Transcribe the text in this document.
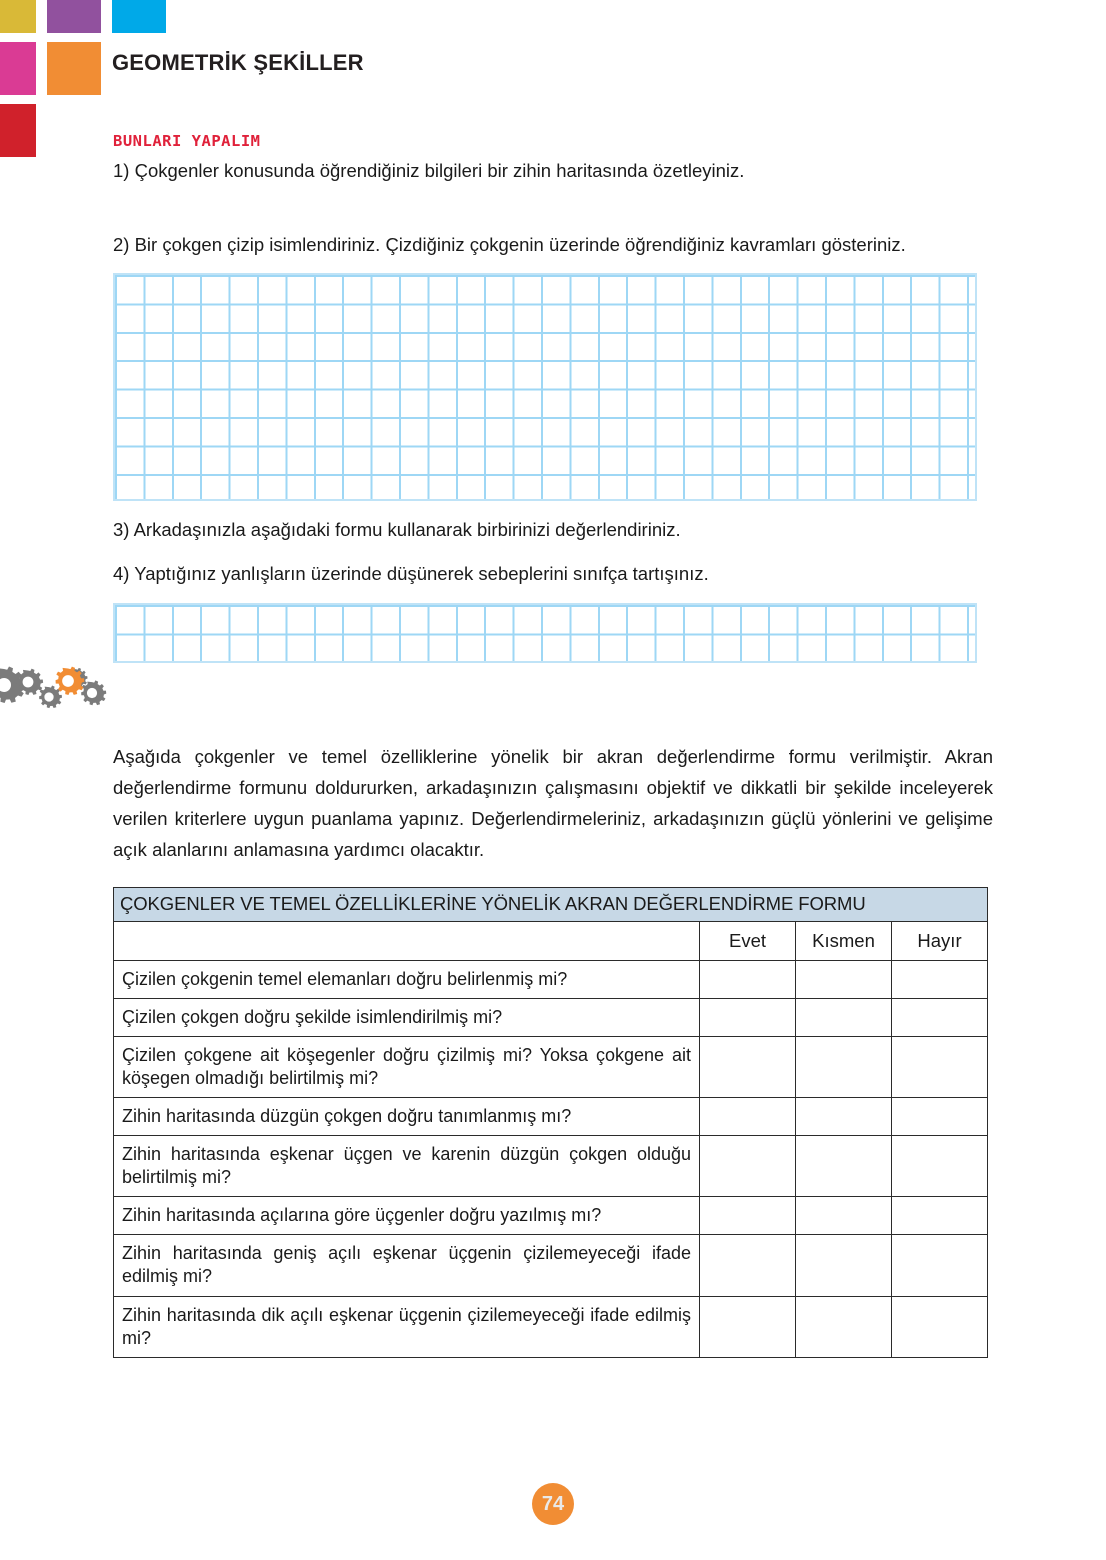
GEOMETRİK ŞEKİLLER
BUNLARI YAPALIM

1) Çokgenler konusunda öğrendiğiniz bilgileri bir zihin haritasında özetleyiniz.

2) Bir çokgen çizip isimlendiriniz. Çizdiğiniz çokgenin üzerinde öğrendiğiniz kavramları gösteriniz.

3) Arkadaşınızla aşağıdaki formu kullanarak birbirinizi değerlendiriniz.

4) Yaptığınız yanlışların üzerinde düşünerek sebeplerini sınıfça tartışınız.

Aşağıda çokgenler ve temel özelliklerine yönelik bir akran değerlendirme formu verilmiştir. Akran değerlendirme formunu doldururken, arkadaşınızın çalışmasını objektif ve dikkatli bir şekilde inceleyerek verilen kriterlere uygun puanlama yapınız. Değerlendirmeleriniz, arkadaşınızın güçlü yönlerini ve gelişime açık alanlarını anlamasına yardımcı olacaktır.

ÇOKGENLER VE TEMEL ÖZELLİKLERİNE YÖNELİK AKRAN DEĞERLENDİRME FORMU			
	Evet	Kısmen	Hayır
Çizilen çokgenin temel elemanları doğru belirlenmiş mi?			
Çizilen çokgen doğru şekilde isimlendirilmiş mi?			
Çizilen çokgene ait köşegenler doğru çizilmiş mi? Yoksa çokgene ait köşegen olmadığı belirtilmiş mi?			
Zihin haritasında düzgün çokgen doğru tanımlanmış mı?			
Zihin haritasında eşkenar üçgen ve karenin düzgün çokgen olduğu belirtilmiş mi?			
Zihin haritasında açılarına göre üçgenler doğru yazılmış mı?			
Zihin haritasında geniş açılı eşkenar üçgenin çizilemeyeceği ifade edilmiş mi?			
Zihin haritasında dik açılı eşkenar üçgenin çizilemeyeceği ifade edilmiş mi?			
74
